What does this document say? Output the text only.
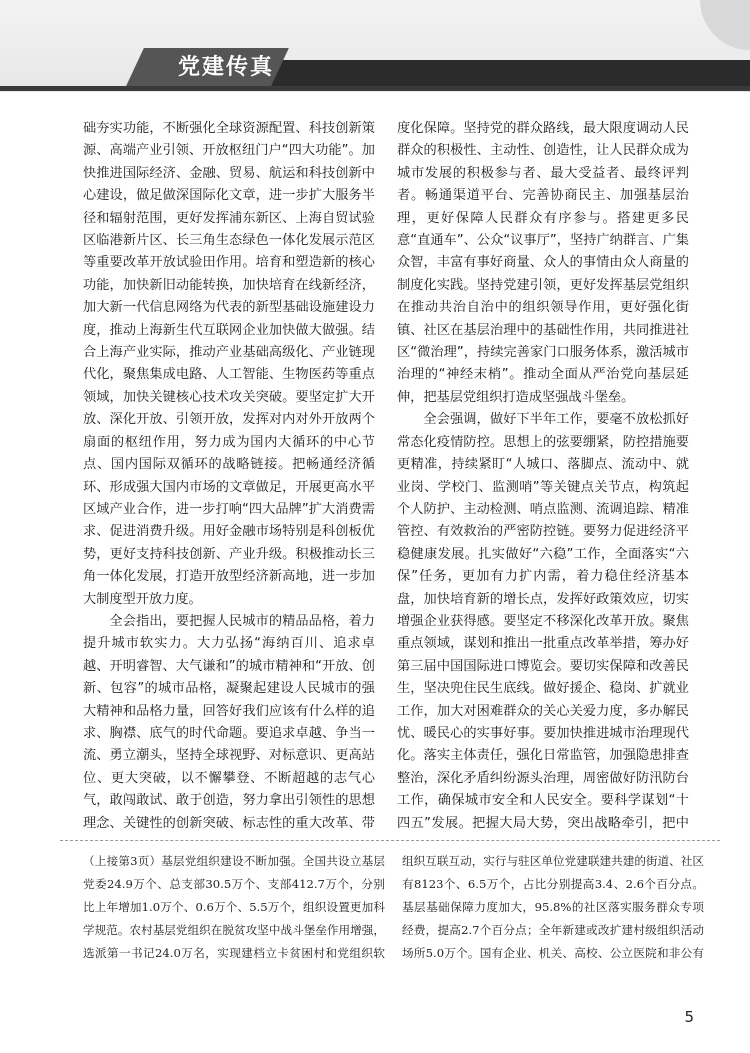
党建传真

础夯实功能，不断强化全球资源配置、科技创新策源、高端产业引领、开放枢纽门户“四大功能”。加快推进国际经济、金融、贸易、航运和科技创新中心建设，做足做深国际化文章，进一步扩大服务半径和辐射范围，更好发挥浦东新区、上海自贸试验区临港新片区、长三角生态绿色一体化发展示范区等重要改革开放试验田作用。培育和塑造新的核心功能，加快新旧动能转换，加快培育在线新经济，加大新一代信息网络为代表的新型基础设施建设力度，推动上海新生代互联网企业加快做大做强。结合上海产业实际，推动产业基础高级化、产业链现代化，聚焦集成电路、人工智能、生物医药等重点领域，加快关键核心技术攻关突破。要坚定扩大开放、深化开放、引领开放，发挥对内对外开放两个扇面的枢纽作用，努力成为国内大循环的中心节点、国内国际双循环的战略链接。把畅通经济循环、形成强大国内市场的文章做足，开展更高水平区域产业合作，进一步打响“四大品牌”扩大消费需求、促进消费升级。用好金融市场特别是科创板优势，更好支持科技创新、产业升级。积极推动长三角一体化发展，打造开放型经济新高地，进一步加大制度型开放力度。

全会指出，要把握人民城市的精品品格，着力提升城市软实力。大力弘扬“海纳百川、追求卓越、开明睿智、大气谦和”的城市精神和“开放、创新、包容”的城市品格，凝聚起建设人民城市的强大精神和品格力量，回答好我们应该有什么样的追求、胸襟、底气的时代命题。要追求卓越、争当一流、勇立潮头，坚持全球视野、对标意识、更高站位、更大突破，以不懈攀登、不断超越的志气心气，敢闯敢试、敢于创造，努力拿出引领性的思想理念、关键性的创新突破、标志性的重大改革、带

度化保障。坚持党的群众路线，最大限度调动人民群众的积极性、主动性、创造性，让人民群众成为城市发展的积极参与者、最大受益者、最终评判者。畅通渠道平台、完善协商民主、加强基层治理，更好保障人民群众有序参与。搭建更多民意“直通车”、公众“议事厅”，坚持广纳群言、广集众智，丰富有事好商量、众人的事情由众人商量的制度化实践。坚持党建引领，更好发挥基层党组织在推动共治自治中的组织领导作用，更好强化街镇、社区在基层治理中的基础性作用，共同推进社区“微治理”，持续完善家门口服务体系，激活城市治理的“神经末梢”。推动全面从严治党向基层延伸，把基层党组织打造成坚强战斗堡垒。

全会强调，做好下半年工作，要毫不放松抓好常态化疫情防控。思想上的弦要绷紧，防控措施要更精准，持续紧盯“人城口、落脚点、流动中、就业岗、学校门、监测哨”等关键点关节点，构筑起个人防护、主动检测、哨点监测、流调追踪、精准管控、有效救治的严密防控链。要努力促进经济平稳健康发展。扎实做好“六稳”工作，全面落实“六保”任务，更加有力扩内需，着力稳住经济基本盘，加快培育新的增长点，发挥好政策效应，切实增强企业获得感。要坚定不移深化改革开放。聚焦重点领域，谋划和推出一批重点改革举措，筹办好第三届中国国际进口博览会。要切实保障和改善民生，坚决兜住民生底线。做好援企、稳岗、扩就业工作，加大对困难群众的关心关爱力度，多办解民忧、暖民心的实事好事。要加快推进城市治理现代化。落实主体责任，强化日常监管，加强隐患排查整治，深化矛盾纠纷源头治理，周密做好防汛防台工作，确保城市安全和人民安全。要科学谋划“十四五”发展。把握大局大势，突出战略牵引，把中

（上接第3页）基层党组织建设不断加强。全国共设立基层党委24.9万个、总支部30.5万个、支部412.7万个，分别比上年增加1.0万个、0.6万个、5.5万个，组织设置更加科学规范。农村基层党组织在脱贫攻坚中战斗堡垒作用增强，选派第一书记24.0万名，实现建档立卡贫困村和党组织软
组织互联互动，实行与驻区单位党建联建共建的街道、社区有8123个、6.5万个，占比分别提高3.4、2.6个百分点。基层基础保障力度加大，95.8%的社区落实服务群众专项经费，提高2.7个百分点；全年新建或改扩建村级组织活动场所5.0万个。国有企业、机关、高校、公立医院和非公有
5
